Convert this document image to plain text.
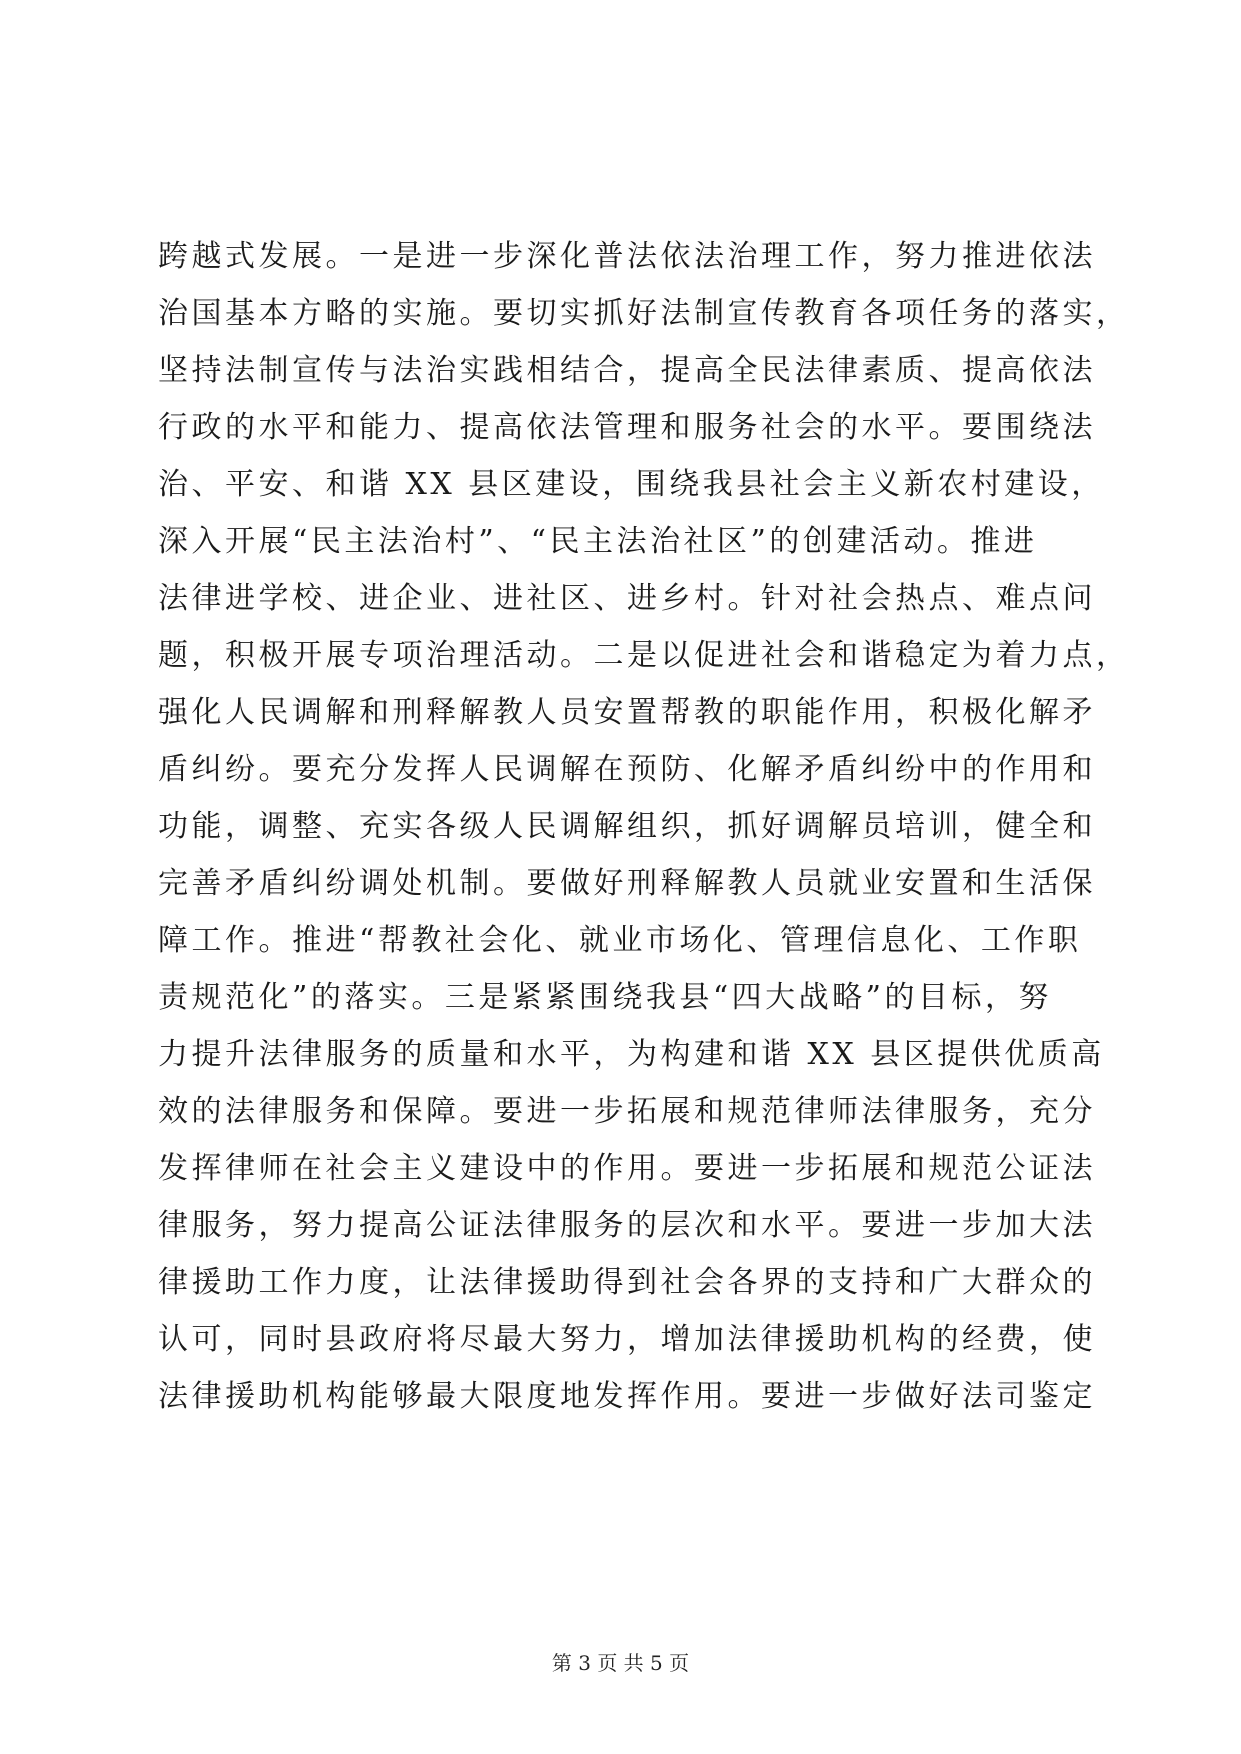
跨越式发展。一是进一步深化普法依法治理工作，努力推进依法
治国基本方略的实施。要切实抓好法制宣传教育各项任务的落实，
坚持法制宣传与法治实践相结合，提高全民法律素质、提高依法
行政的水平和能力、提高依法管理和服务社会的水平。要围绕法
治、平安、和谐 XX 县区建设，围绕我县社会主义新农村建设，
深入开展“民主法治村”、“民主法治社区”的创建活动。推进
法律进学校、进企业、进社区、进乡村。针对社会热点、难点问
题，积极开展专项治理活动。二是以促进社会和谐稳定为着力点，
强化人民调解和刑释解教人员安置帮教的职能作用，积极化解矛
盾纠纷。要充分发挥人民调解在预防、化解矛盾纠纷中的作用和
功能，调整、充实各级人民调解组织，抓好调解员培训，健全和
完善矛盾纠纷调处机制。要做好刑释解教人员就业安置和生活保
障工作。推进“帮教社会化、就业市场化、管理信息化、工作职
责规范化”的落实。三是紧紧围绕我县“四大战略”的目标，努
力提升法律服务的质量和水平，为构建和谐 XX 县区提供优质高
效的法律服务和保障。要进一步拓展和规范律师法律服务，充分
发挥律师在社会主义建设中的作用。要进一步拓展和规范公证法
律服务，努力提高公证法律服务的层次和水平。要进一步加大法
律援助工作力度，让法律援助得到社会各界的支持和广大群众的
认可，同时县政府将尽最大努力，增加法律援助机构的经费，使
法律援助机构能够最大限度地发挥作用。要进一步做好法司鉴定
第 3 页 共 5 页
